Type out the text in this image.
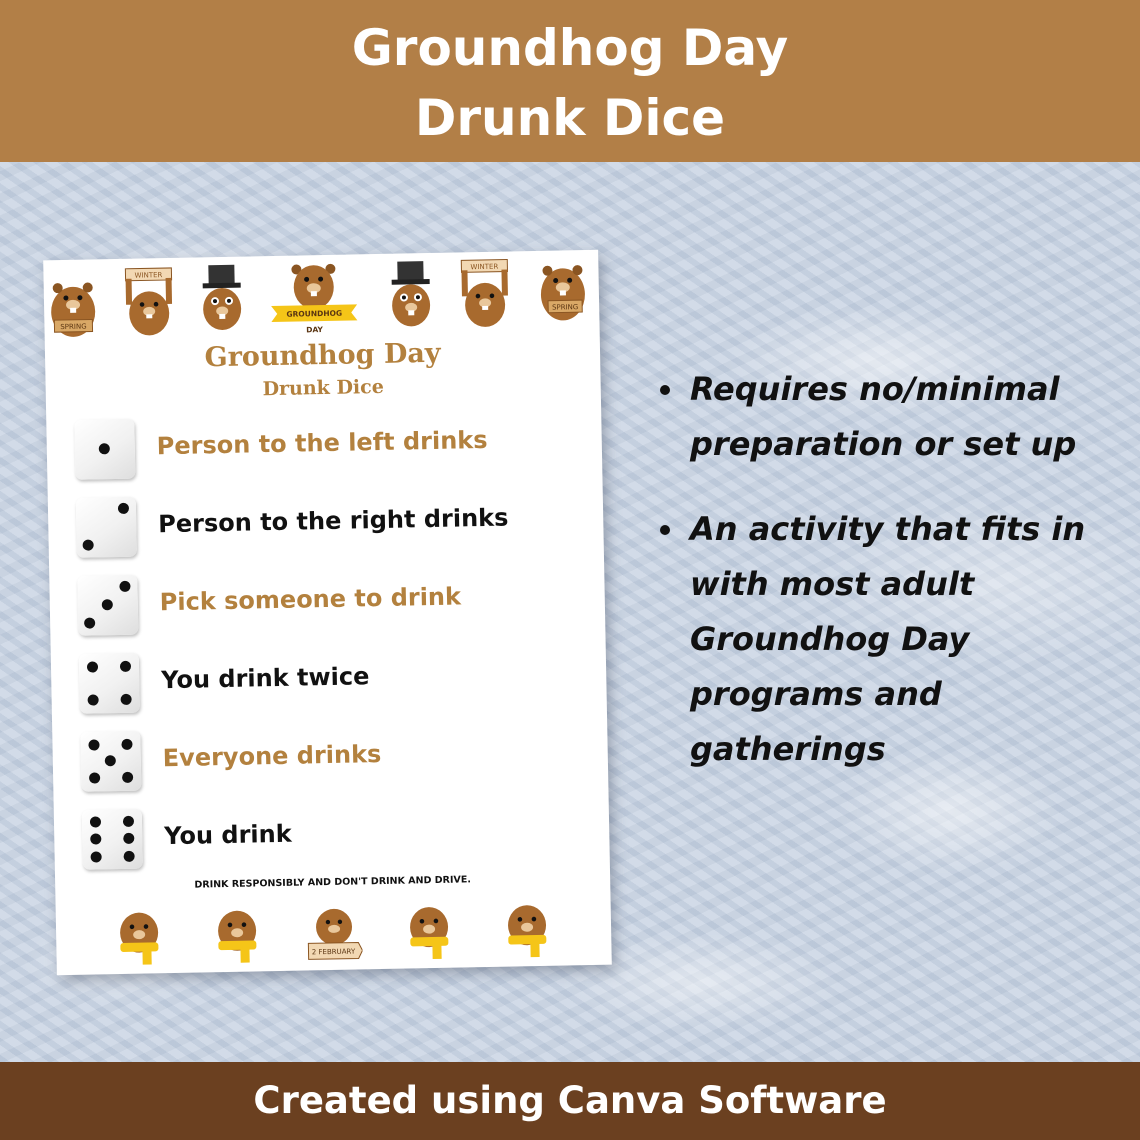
Groundhog Day
Drunk Dice
SPRING
WINTER
GROUNDHOG
DAY
WINTER
SPRING
Groundhog Day
Drunk Dice
Person to the left drinks
Person to the right drinks
Pick someone to drink
You drink twice
Everyone drinks
You drink
DRINK RESPONSIBLY AND DON'T DRINK AND DRIVE.
2 FEBRUARY
Requires no/minimal preparation or set up
An activity that fits in with most adult Groundhog Day programs and gatherings
Created using Canva Software
